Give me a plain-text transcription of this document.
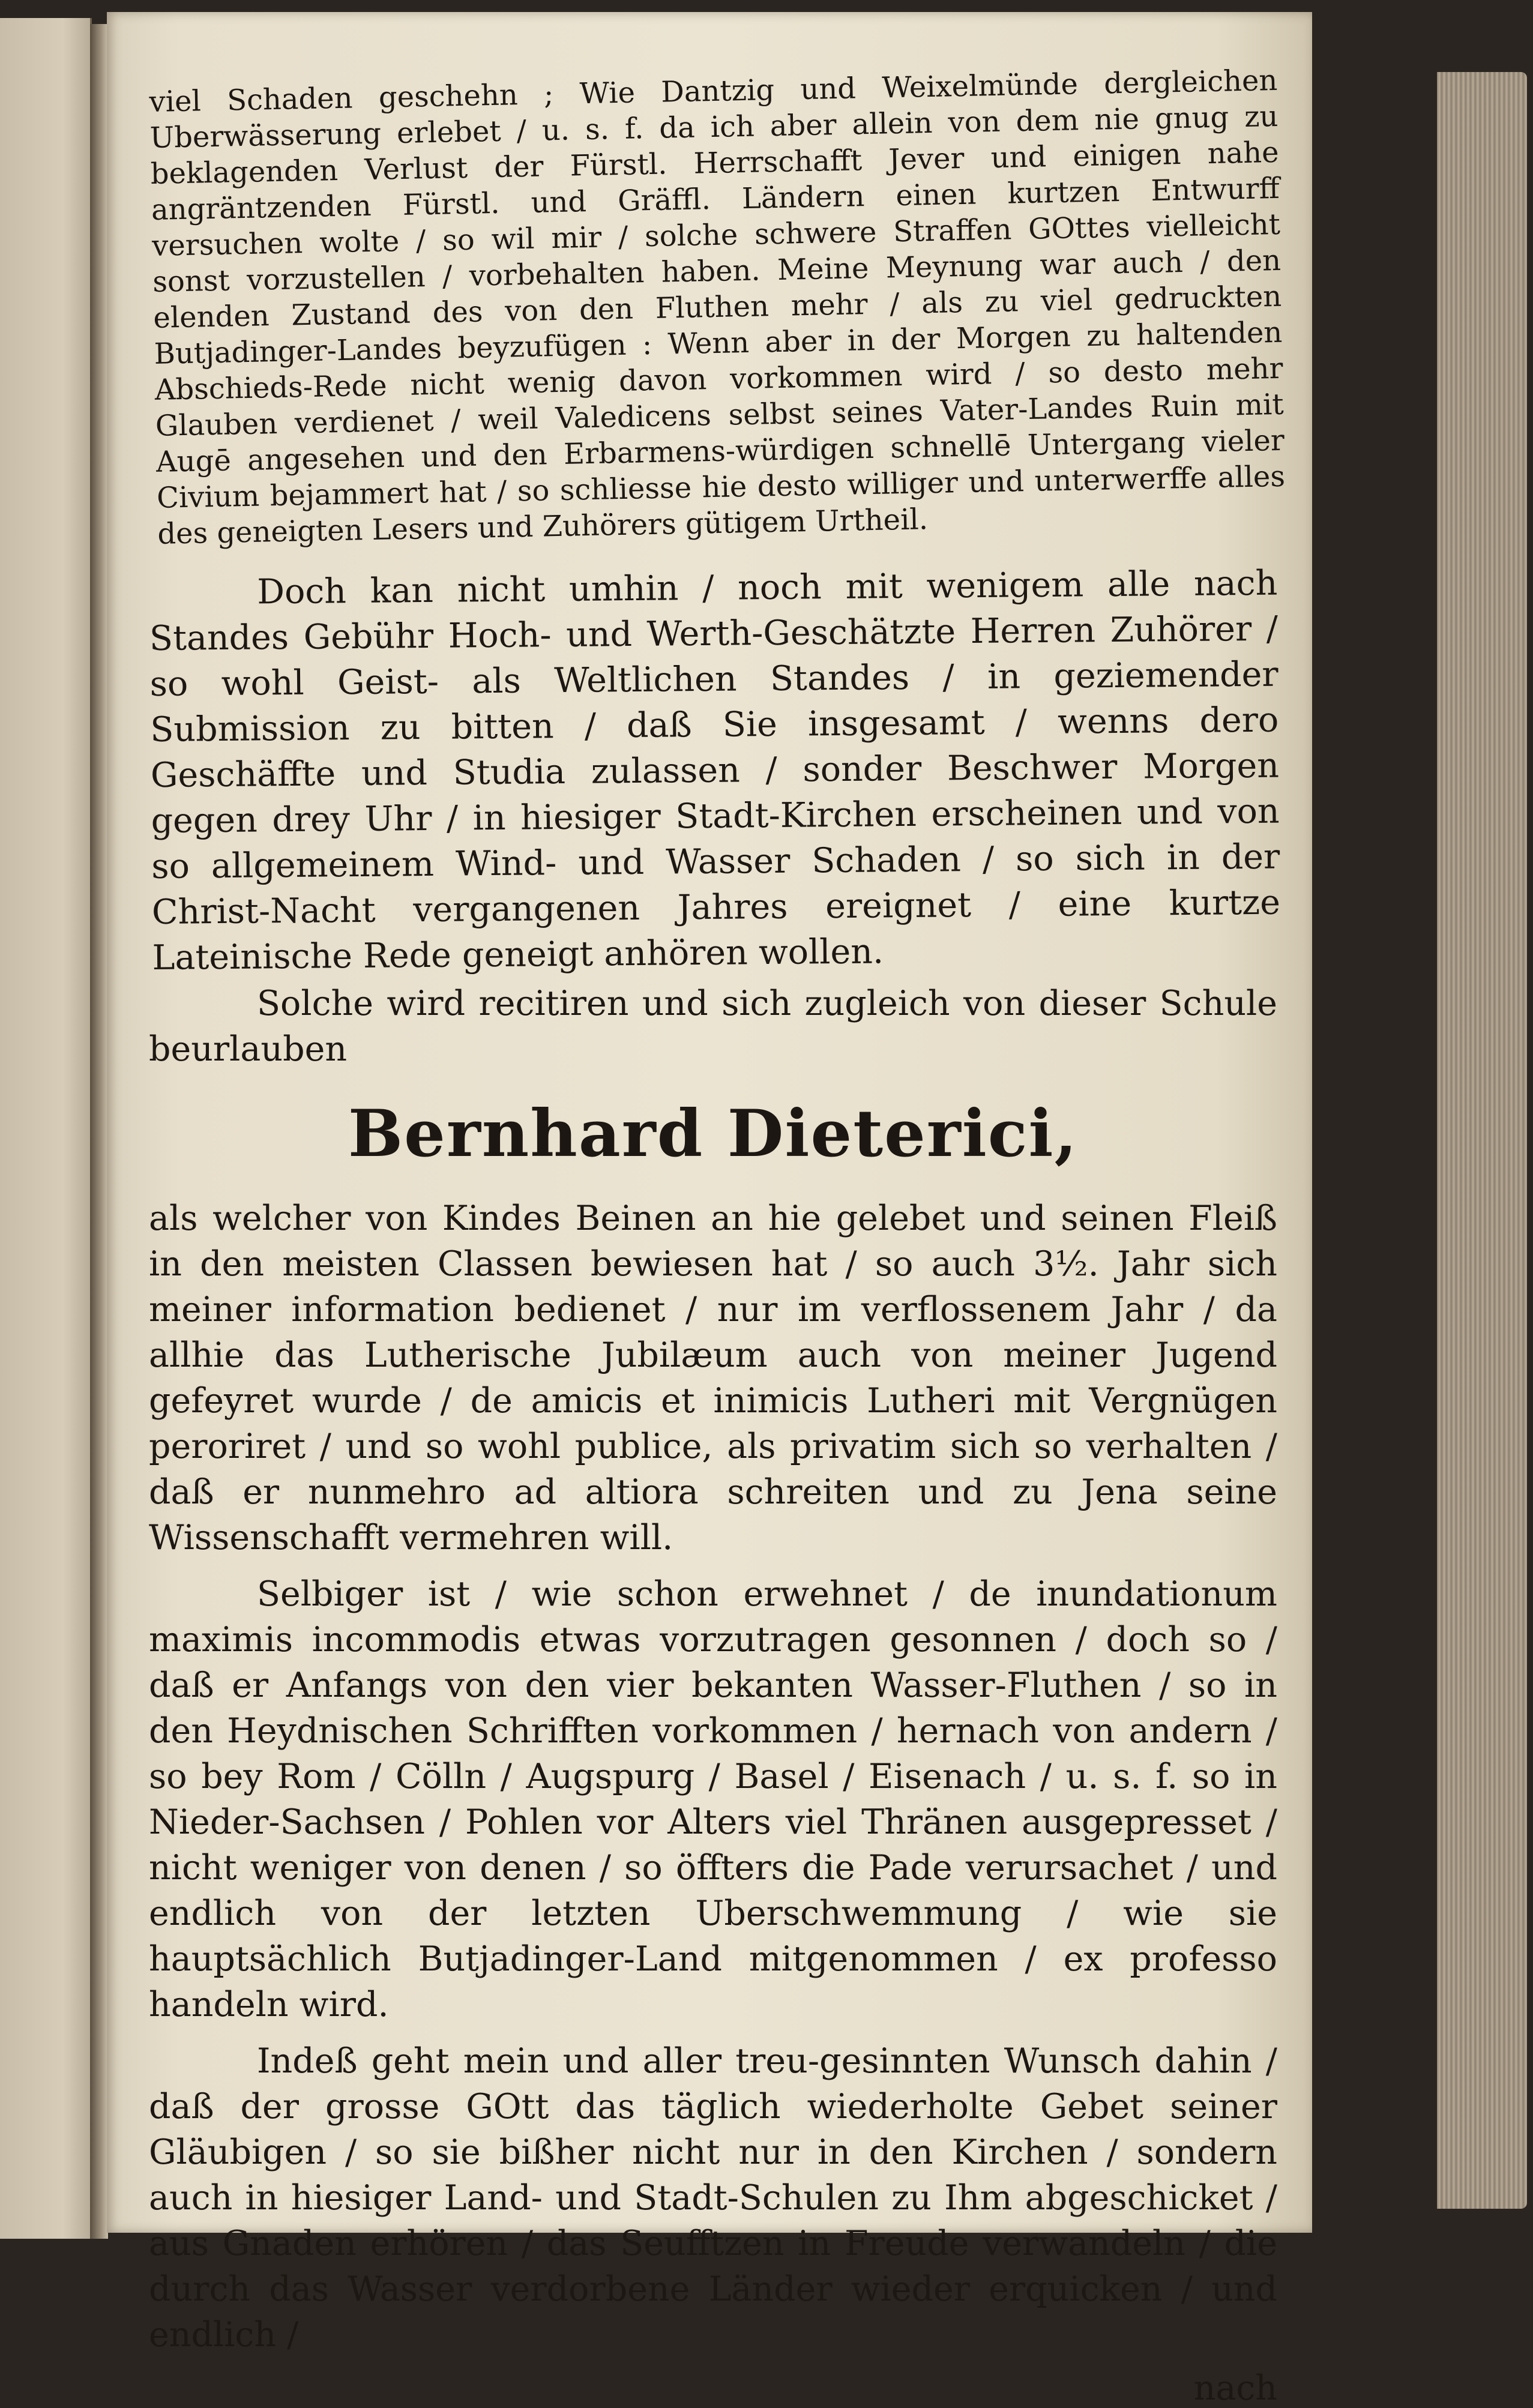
viel Schaden geschehn ; Wie Dantzig und Weixelmünde dergleichen Uberwässerung erlebet / u. s. f. da ich aber allein von dem nie gnug zu beklagenden Verlust der Fürstl. Herrschafft Jever und einigen nahe angräntzenden Fürstl. und Gräffl. Ländern einen kurtzen Entwurff versuchen wolte / so wil mir / solche schwere Straffen GOttes vielleicht sonst vorzustellen / vorbehalten haben. Meine Meynung war auch / den elenden Zustand des von den Fluthen mehr / als zu viel gedruckten Butjadinger-Landes beyzufügen : Wenn aber in der Morgen zu haltenden Abschieds-Rede nicht wenig davon vorkommen wird / so desto mehr Glauben verdienet / weil Valedicens selbst seines Vater-Landes Ruin mit Augē angesehen und den Erbarmens-würdigen schnellē Untergang vieler Civium bejammert hat / so schliesse hie desto williger und unterwerffe alles des geneigten Lesers und Zuhörers gütigem Urtheil.

Doch kan nicht umhin / noch mit wenigem alle nach Standes Gebühr Hoch- und Werth-Geschätzte Herren Zuhörer / so wohl Geist- als Weltlichen Standes / in geziemender Submission zu bitten / daß Sie insgesamt / wenns dero Geschäffte und Studia zulassen / sonder Beschwer Morgen gegen drey Uhr / in hiesiger Stadt-Kirchen erscheinen und von so allgemeinem Wind- und Wasser Schaden / so sich in der Christ-Nacht vergangenen Jahres ereignet / eine kurtze Lateinische Rede geneigt anhören wollen.

Solche wird recitiren und sich zugleich von dieser Schule beurlauben

Bernhard Dieterici,

als welcher von Kindes Beinen an hie gelebet und seinen Fleiß in den meisten Classen bewiesen hat / so auch 3½. Jahr sich meiner information bedienet / nur im verflossenem Jahr / da allhie das Lutherische Jubilæum auch von meiner Jugend gefeyret wurde / de amicis et inimicis Lutheri mit Vergnügen peroriret / und so wohl publice, als privatim sich so verhalten / daß er nunmehro ad altiora schreiten und zu Jena seine Wissenschafft vermehren will.

Selbiger ist / wie schon erwehnet / de inundationum maximis incommodis etwas vorzutragen gesonnen / doch so / daß er Anfangs von den vier bekanten Wasser-Fluthen / so in den Heydnischen Schrifften vorkommen / hernach von andern / so bey Rom / Cölln / Augspurg / Basel / Eisenach / u. s. f. so in Nieder-Sachsen / Pohlen vor Alters viel Thränen ausgepresset / nicht weniger von denen / so öffters die Pade verursachet / und endlich von der letzten Uberschwemmung / wie sie hauptsächlich Butjadinger-Land mitgenommen / ex professo handeln wird.

Indeß geht mein und aller treu-gesinnten Wunsch dahin / daß der grosse GOtt das täglich wiederholte Gebet seiner Gläubigen / so sie bißher nicht nur in den Kirchen / sondern auch in hiesiger Land- und Stadt-Schulen zu Ihm abgeschicket / aus Gnaden erhören / das Seufftzen in Freude verwandeln / die durch das Wasser verdorbene Länder wieder erquicken / und endlich /

nach
